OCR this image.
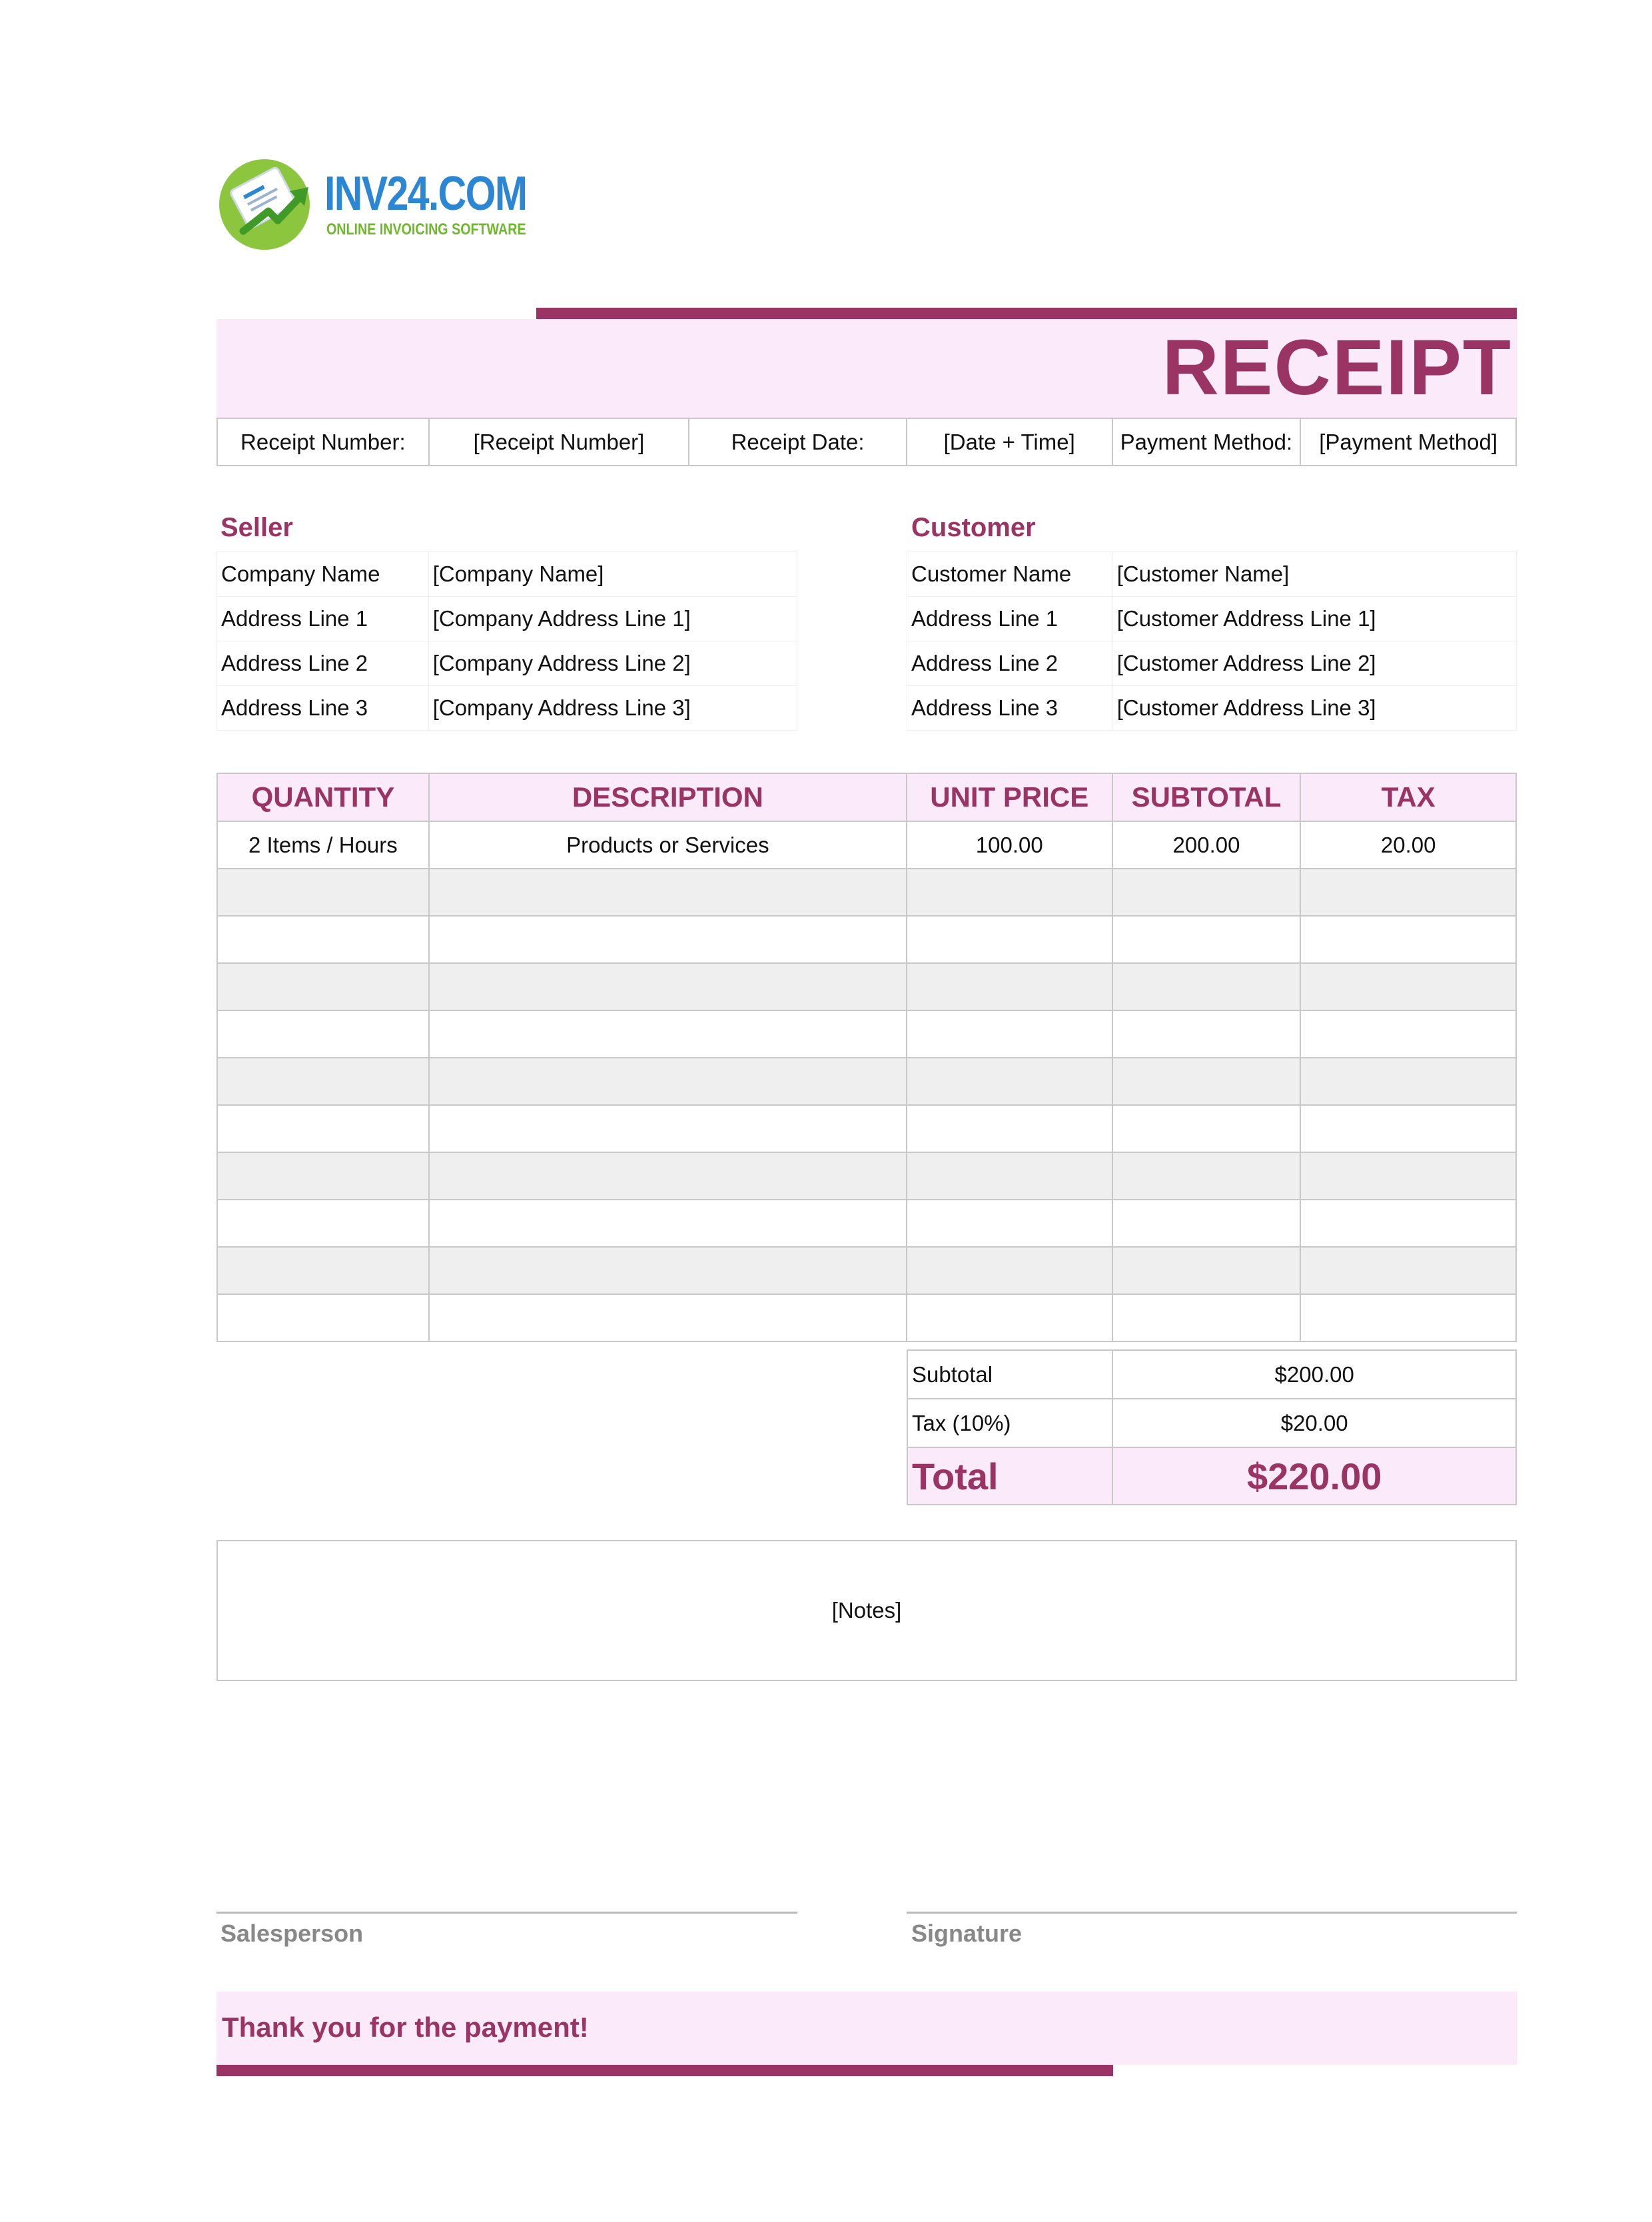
INV24.COM
ONLINE INVOICING SOFTWARE
RECEIPT
Receipt Number:	[Receipt Number]	Receipt Date:	[Date + Time]	Payment Method:	[Payment Method]
Seller
Company Name	[Company Name]
Address Line 1	[Company Address Line 1]
Address Line 2	[Company Address Line 2]
Address Line 3	[Company Address Line 3]
Customer
Customer Name	[Customer Name]
Address Line 1	[Customer Address Line 1]
Address Line 2	[Customer Address Line 2]
Address Line 3	[Customer Address Line 3]
QUANTITY	DESCRIPTION	UNIT PRICE	SUBTOTAL	TAX
2 Items / Hours	Products or Services	100.00	200.00	20.00

Subtotal	$200.00
Tax (10%)	$20.00
Total	$220.00
[Notes]
Salesperson	Signature
Thank you for the payment!
